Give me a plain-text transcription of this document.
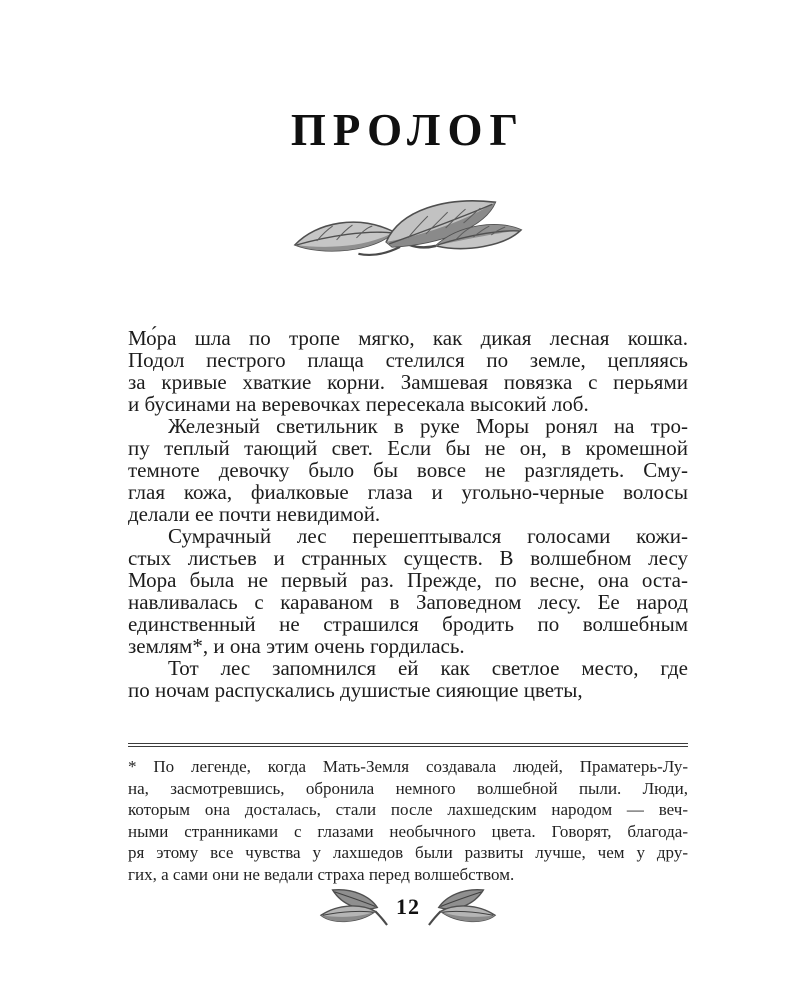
ПРОЛОГ
Мо́ра шла по тропе мягко, как дикая лесная кошка.
Подол пестрого плаща стелился по земле, цепляясь
за кривые хваткие корни. Замшевая повязка с перьями
и бусинами на веревочках пересекала высокий лоб.
Железный светильник в руке Моры ронял на тро-
пу теплый тающий свет. Если бы не он, в кромешной
темноте девочку было бы вовсе не разглядеть. Сму-
глая кожа, фиалковые глаза и угольно-черные волосы
делали ее почти невидимой.
Сумрачный лес перешептывался голосами кожи-
стых листьев и странных существ. В волшебном лесу
Мора была не первый раз. Прежде, по весне, она оста-
навливалась с караваном в Заповедном лесу. Ее народ
единственный не страшился бродить по волшебным
землям*, и она этим очень гордилась.
Тот лес запомнился ей как светлое место, где
по ночам распускались душистые сияющие цветы,
* По легенде, когда Мать-Земля создавала людей, Праматерь-Лу-
на, засмотревшись, обронила немного волшебной пыли. Люди,
которым она досталась, стали после лахшедским народом — веч-
ными странниками с глазами необычного цвета. Говорят, благода-
ря этому все чувства у лахшедов были развиты лучше, чем у дру-
гих, а сами они не ведали страха перед волшебством.
12
